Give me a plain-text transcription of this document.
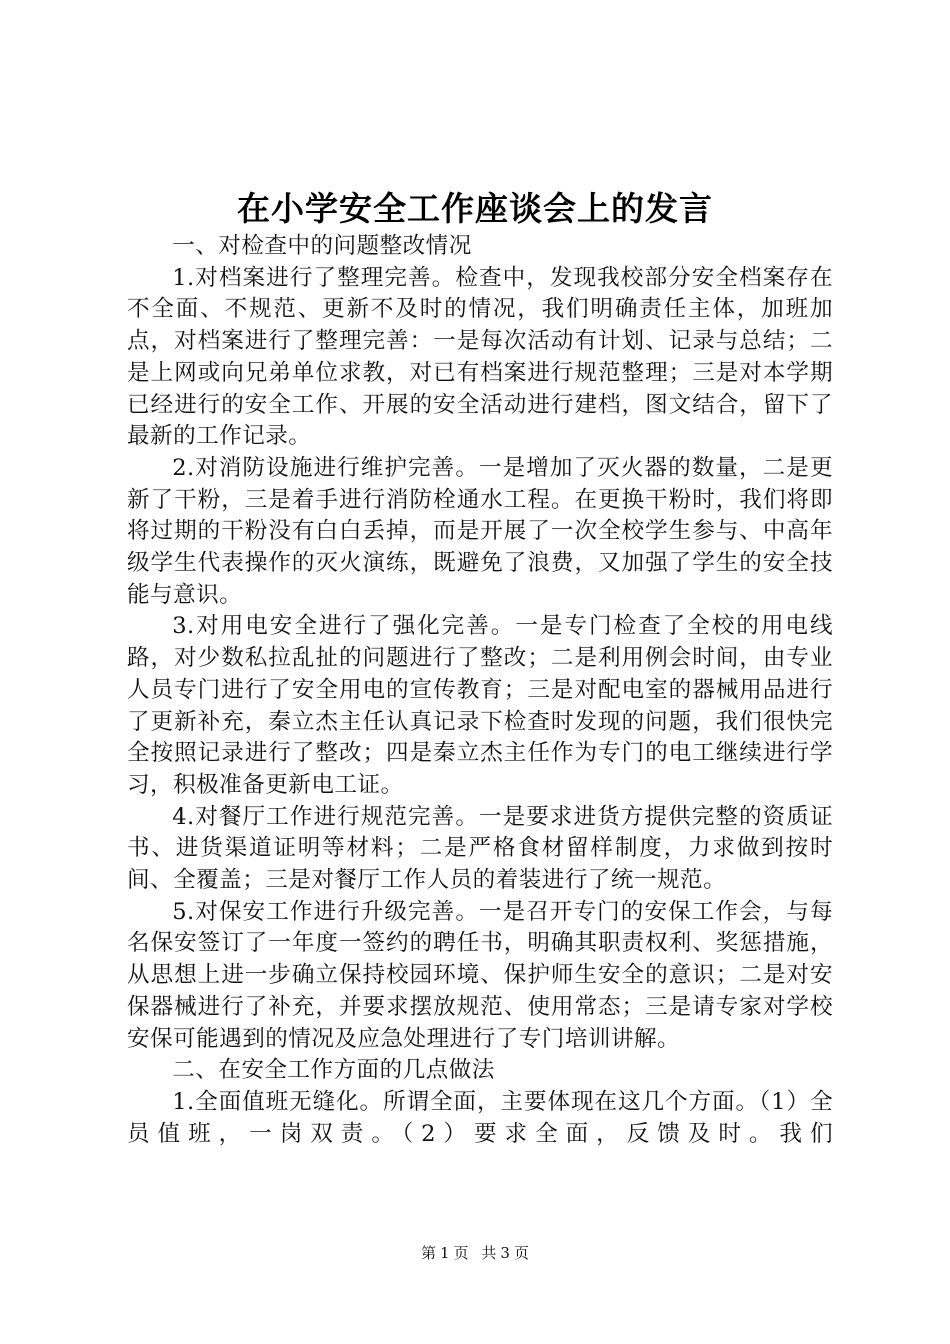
在小学安全工作座谈会上的发言

一、对检查中的问题整改情况

1.对档案进行了整理完善。检查中，发现我校部分安全档案存在不全面、不规范、更新不及时的情况，我们明确责任主体，加班加点，对档案进行了整理完善：一是每次活动有计划、记录与总结；二是上网或向兄弟单位求教，对已有档案进行规范整理；三是对本学期已经进行的安全工作、开展的安全活动进行建档，图文结合，留下了最新的工作记录。

2.对消防设施进行维护完善。一是增加了灭火器的数量，二是更新了干粉，三是着手进行消防栓通水工程。在更换干粉时，我们将即将过期的干粉没有白白丢掉，而是开展了一次全校学生参与、中高年级学生代表操作的灭火演练，既避免了浪费，又加强了学生的安全技能与意识。

3.对用电安全进行了强化完善。一是专门检查了全校的用电线路，对少数私拉乱扯的问题进行了整改；二是利用例会时间，由专业人员专门进行了安全用电的宣传教育；三是对配电室的器械用品进行了更新补充，秦立杰主任认真记录下检查时发现的问题，我们很快完全按照记录进行了整改；四是秦立杰主任作为专门的电工继续进行学习，积极准备更新电工证。

4.对餐厅工作进行规范完善。一是要求进货方提供完整的资质证书、进货渠道证明等材料；二是严格食材留样制度，力求做到按时间、全覆盖；三是对餐厅工作人员的着装进行了统一规范。

5.对保安工作进行升级完善。一是召开专门的安保工作会，与每名保安签订了一年度一签约的聘任书，明确其职责权利、奖惩措施，从思想上进一步确立保持校园环境、保护师生安全的意识；二是对安保器械进行了补充，并要求摆放规范、使用常态；三是请专家对学校安保可能遇到的情况及应急处理进行了专门培训讲解。

二、在安全工作方面的几点做法

1.全面值班无缝化。所谓全面，主要体现在这几个方面。（1）全员值班，一岗双责。（2）要求全面，反馈及时。我们

第 1 页 共 3 页
